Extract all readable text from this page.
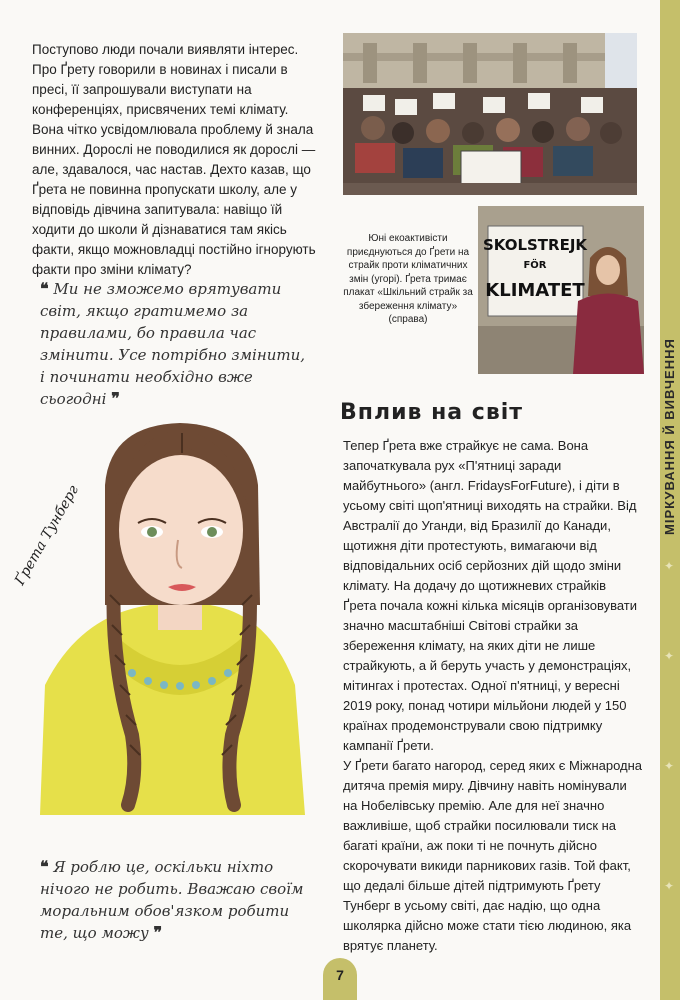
✦
✦
✦
✦
МІРКУВАННЯ Й ВИВЧЕННЯ
Поступово люди почали виявляти інтерес. Про Ґрету говорили в новинах і писали в пресі, її запрошували виступати на конференціях, присвячених темі клімату. Вона чітко усвідомлювала проблему й знала винних. Дорослі не поводилися як дорослі — але, здавалося, час настав. Дехто казав, що Ґрета не повинна пропускати школу, але у відповідь дівчина запитувала: навіщо їй ходити до школи й дізнаватися там якісь факти, якщо можновладці постійно ігнорують факти про зміни клімату?
❝ Ми не зможемо врятувати світ, якщо гратимемо за правилами, бо правила час змінити. Усе потрібно змінити, і починати необхідно вже сьогодні ❞
SKOLSTREJK
FÖR
KLIMATET
Юні екоактивісти приєднуються до Ґрети на страйк проти кліматичних змін (угорі). Ґрета тримає плакат «Шкільний страйк за збереження клімату» (справа)
Вплив на світ
Тепер Ґрета вже страйкує не сама. Вона започаткувала рух «П'ятниці заради майбутнього» (англ. FridaysForFuture), і діти в усьому світі щоп'ятниці виходять на страйки. Від Австралії до Уганди, від Бразилії до Канади, щотижня діти протестують, вимагаючи від відповідальних осіб серйозних дій щодо зміни клімату. На додачу до щотижневих страйків Ґрета почала кожні кілька місяців організовувати значно масштабніші Світові страйки за збереження клімату, на яких діти не лише страйкують, а й беруть участь у демонстраціях, мітингах і протестах. Одної п'ятниці, у вересні 2019 року, понад чотири мільйони людей у 150 країнах продемонстрували свою підтримку кампанії Ґрети.
У Ґрети багато нагород, серед яких є Міжнародна дитяча премія миру. Дівчину навіть номінували на Нобелівську премію. Але для неї значно важливіше, щоб страйки посилювали тиск на багаті країни, аж поки ті не почнуть дійсно скорочувати викиди парникових газів. Той факт, що дедалі більше дітей підтримують Ґрету Тунберг в усьому світі, дає надію, що одна школярка дійсно може стати тією людиною, яка врятує планету.
Ґрета Тунберг
❝ Я роблю це, оскільки ніхто нічого не робить. Вважаю своїм моральним обов'язком робити те, що можу ❞
7
